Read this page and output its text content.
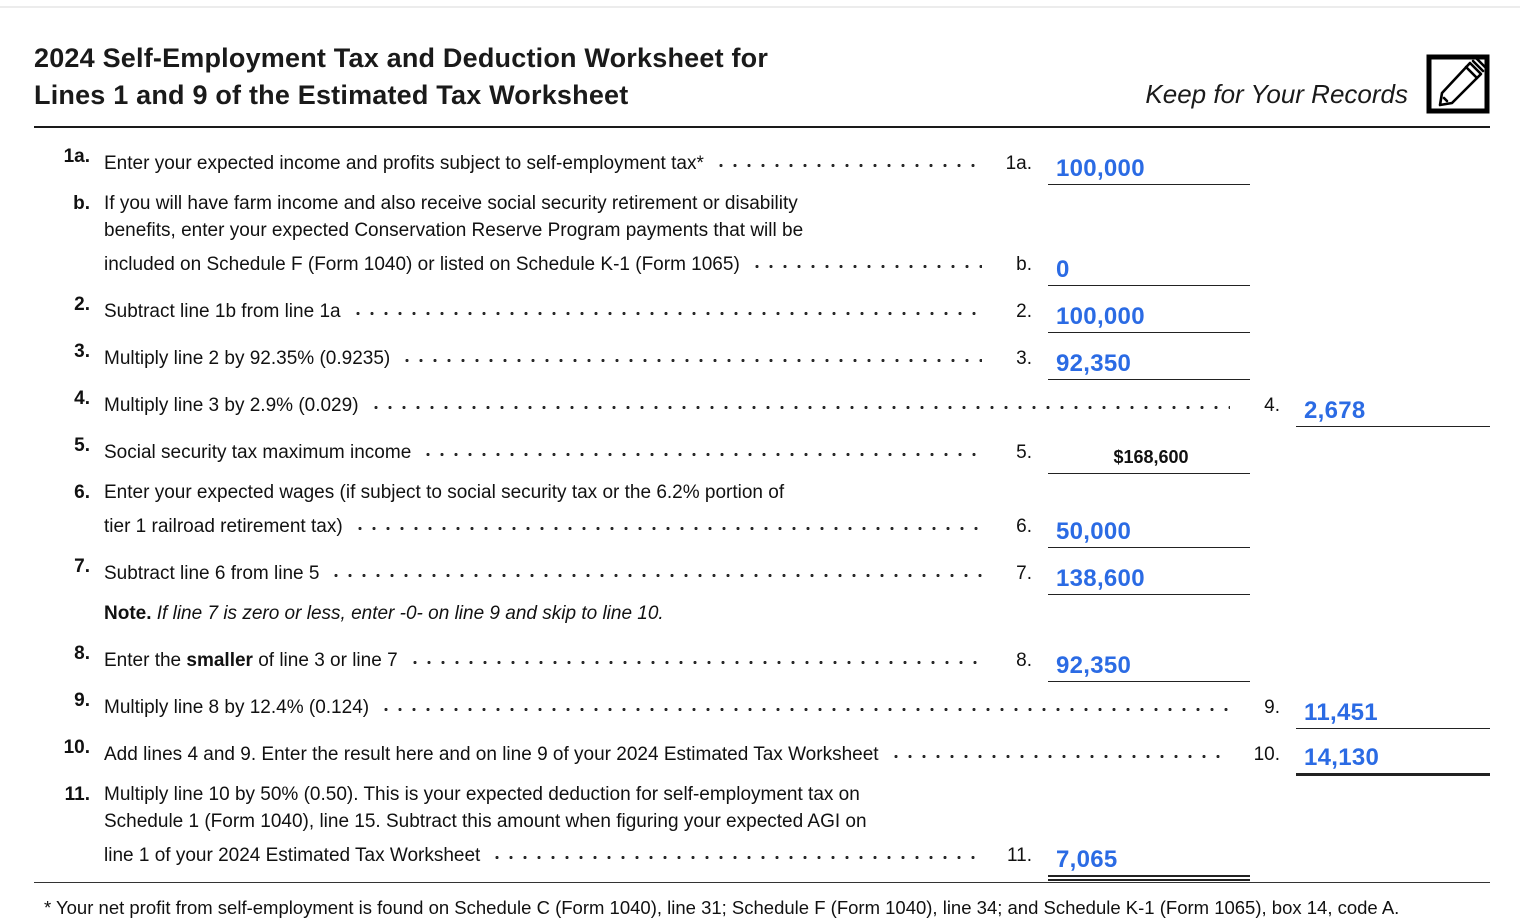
2024 Self-Employment Tax and Deduction Worksheet for
Lines 1 and 9 of the Estimated Tax Worksheet	Keep for Your Records
1a. Enter your expected income and profits subject to self-employment tax*	1a. 100,000
b. If you will have farm income and also receive social security retirement or disability
benefits, enter your expected Conservation Reserve Program payments that will be
included on Schedule F (Form 1040) or listed on Schedule K-1 (Form 1065)	b. 0
2. Subtract line 1b from line 1a	2. 100,000
3. Multiply line 2 by 92.35% (0.9235)	3. 92,350
4. Multiply line 3 by 2.9% (0.029)	4. 2,678
5. Social security tax maximum income	5.	$168,600
6. Enter your expected wages (if subject to social security tax or the 6.2% portion of
tier 1 railroad retirement tax)	6. 50,000
7. Subtract line 6 from line 5	7. 138,600
Note. If line 7 is zero or less, enter -0- on line 9 and skip to line 10.
8. Enter the smaller of line 3 or line 7	8. 92,350
9. Multiply line 8 by 12.4% (0.124)	9. 11,451
10. Add lines 4 and 9. Enter the result here and on line 9 of your 2024 Estimated Tax Worksheet	10. 14,130
11. Multiply line 10 by 50% (0.50). This is your expected deduction for self-employment tax on
Schedule 1 (Form 1040), line 15. Subtract this amount when figuring your expected AGI on
line 1 of your 2024 Estimated Tax Worksheet	11. 7,065
* Your net profit from self-employment is found on Schedule C (Form 1040), line 31; Schedule F (Form 1040), line 34; and Schedule K-1 (Form 1065), box 14, code A.
